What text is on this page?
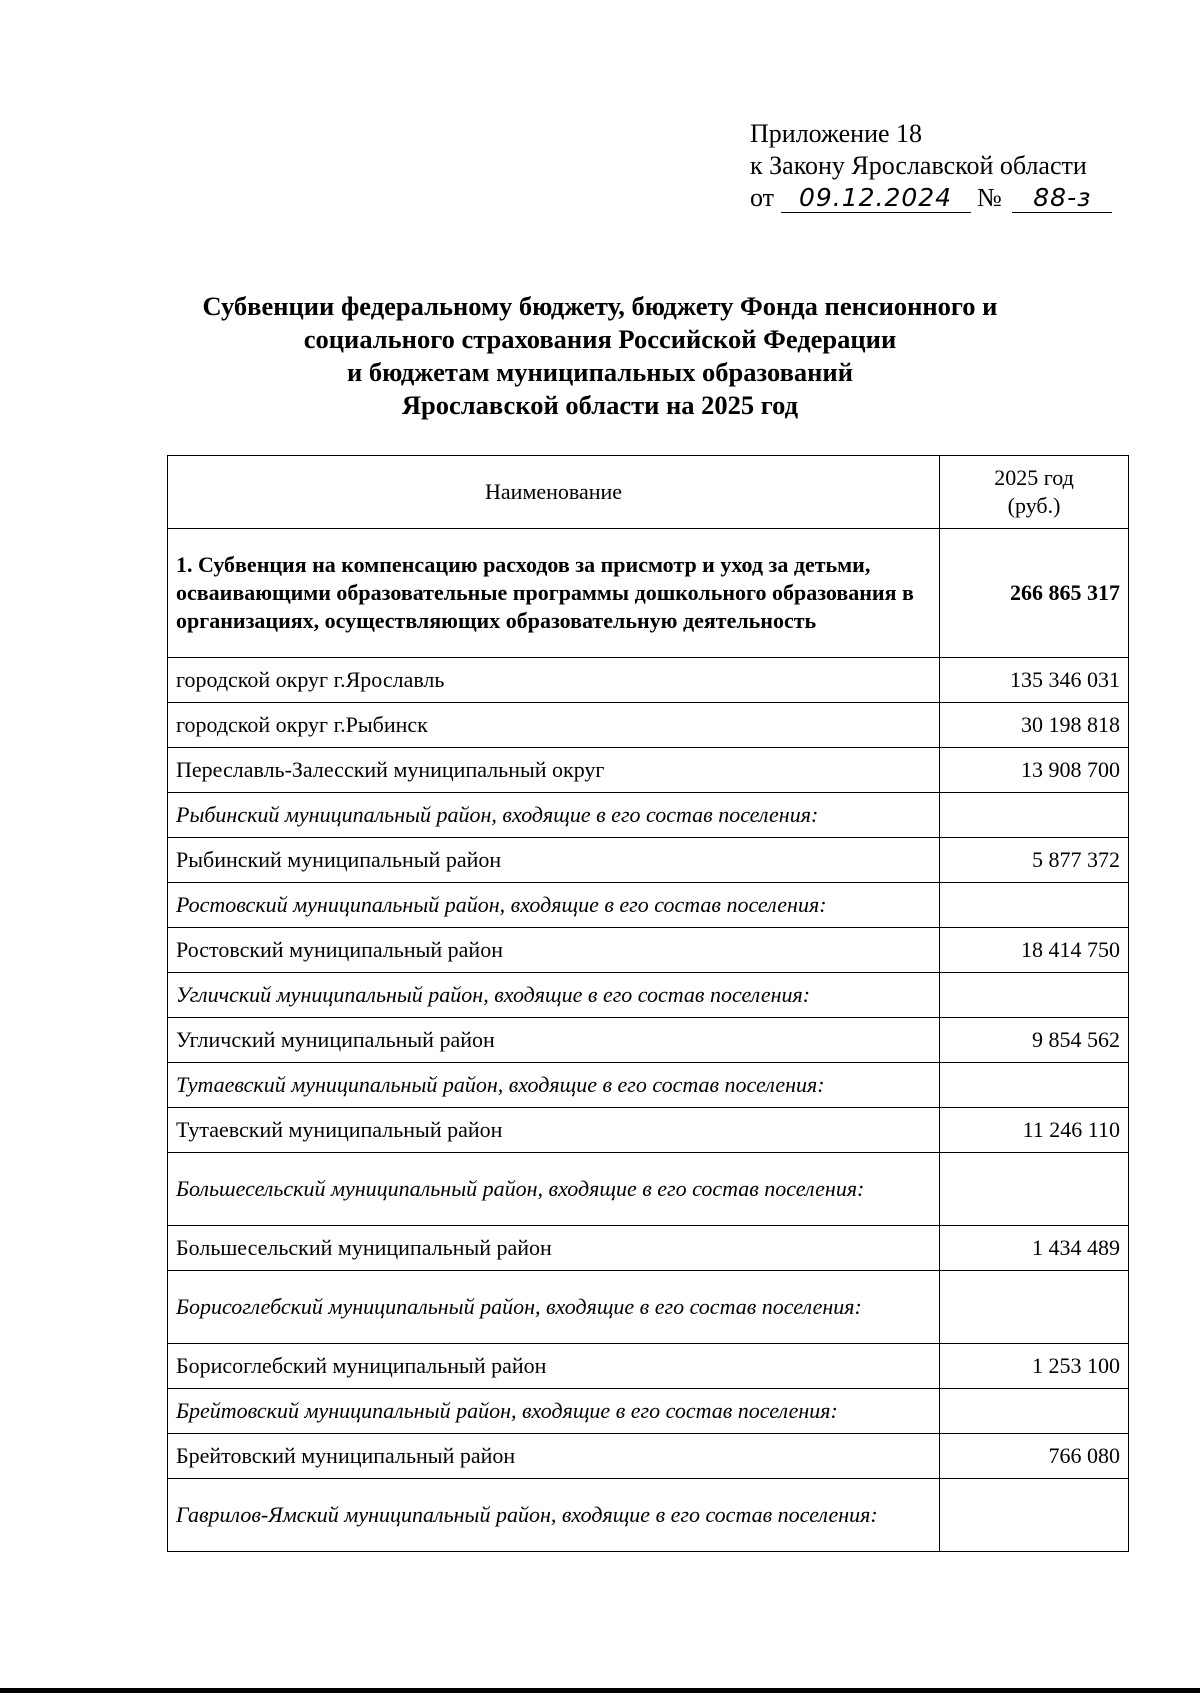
Приложение 18
к Закону Ярославской области
от 09.12.2024 № 88-з
Субвенции федеральному бюджету, бюджету Фонда пенсионного и
социального страхования Российской Федерации
и бюджетам муниципальных образований
Ярославской области на 2025 год
Наименование	2025 год
(руб.)

1. Субвенция на компенсацию расходов за присмотр и уход за детьми, осваивающими образовательные программы дошкольного образования в организациях, осуществляющих образовательную деятельность	266 865 317
городской округ г.Ярославль	135 346 031
городской округ г.Рыбинск	30 198 818
Переславль-Залесский муниципальный округ	13 908 700
Рыбинский муниципальный район, входящие в его состав поселения:	
Рыбинский муниципальный район	5 877 372
Ростовский муниципальный район, входящие в его состав поселения:	
Ростовский муниципальный район	18 414 750
Угличский муниципальный район, входящие в его состав поселения:	
Угличский муниципальный район	9 854 562
Тутаевский муниципальный район, входящие в его состав поселения:	
Тутаевский муниципальный район	11 246 110
Большесельский муниципальный район, входящие в его состав поселения:	
Большесельский муниципальный район	1 434 489
Борисоглебский муниципальный район, входящие в его состав поселения:	
Борисоглебский муниципальный район	1 253 100
Брейтовский муниципальный район, входящие в его состав поселения:	
Брейтовский муниципальный район	766 080
Гаврилов-Ямский муниципальный район, входящие в его состав поселения:	
